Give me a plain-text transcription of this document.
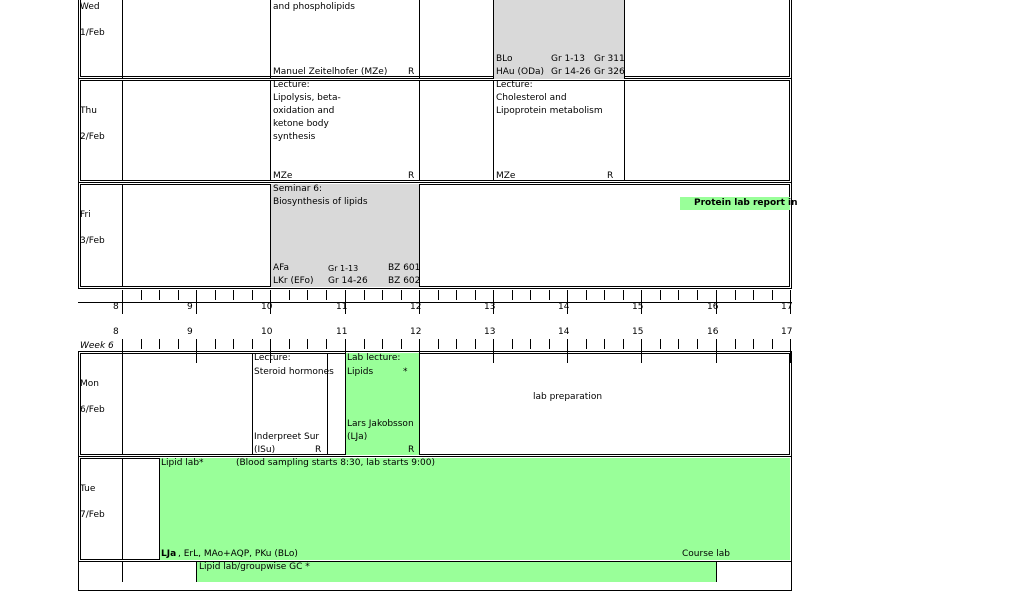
Wed
1/Feb
and phospholipids
Manuel Zeitelhofer (MZe) R
BLo	Gr 1-13 Gr 311
HAu (ODa) Gr 14-26 Gr 326
Thu
2/Feb
Lecture:
Lipolysis, beta-
oxidation and
ketone body
synthesis
MZe	R
Lecture:
Cholesterol and
Lipoprotein metabolism
MZe	R
Fri
3/Feb
Seminar 6:
Biosynthesis of lipids
AFa	Gr 1-13	BZ 601
LKr (EFo) Gr 14-26 BZ 602
Protein lab report in
8	9	10	11	12	13	14	15	16	17
8	9	10	11	12	13	14	15	16	17
Week 6
Mon
6/Feb
Lecture:
Steroid hormones
Inderpreet Sur
(ISu)	R
Lab lecture:
Lipids	*
Lars Jakobsson
(LJa)
R
lab preparation
Tue
7/Feb
Lipid lab *	(Blood sampling starts 8:30, lab starts 9:00)
LJa , ErL, MAo+AQP, PKu (BLo)	Course lab
Lipid lab/groupwise GC *
